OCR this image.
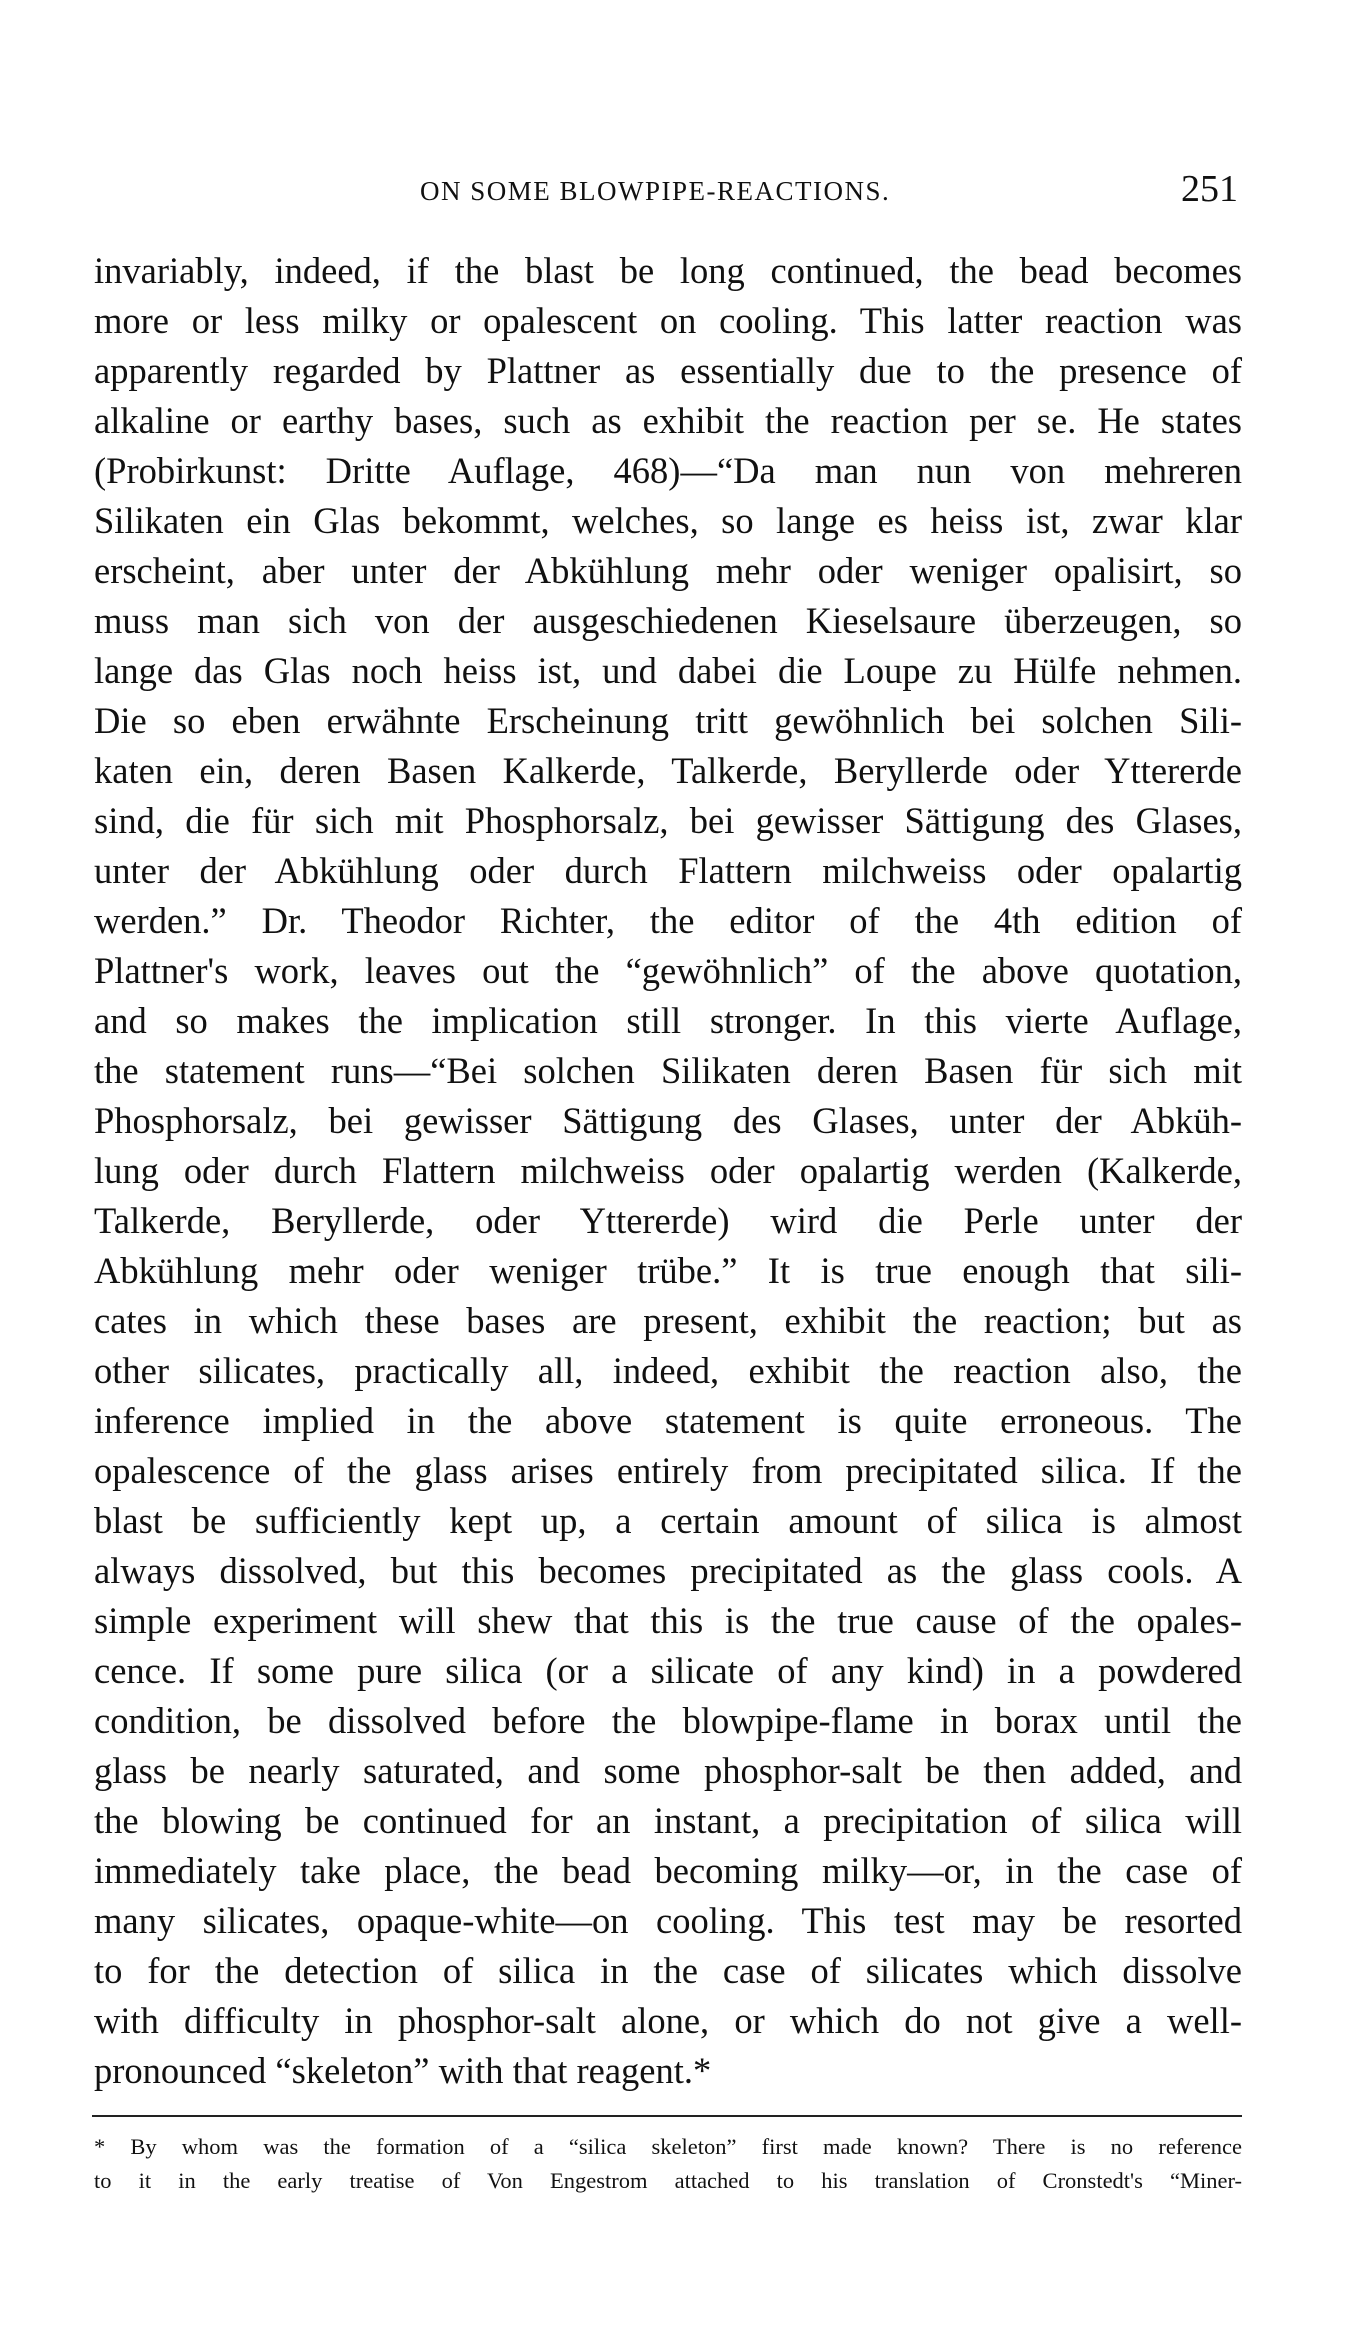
ON SOME BLOWPIPE-REACTIONS.	251
invariably, indeed, if the blast be long continued, the bead becomes
more or less milky or opalescent on cooling. This latter reaction was
apparently regarded by Plattner as essentially due to the presence of
alkaline or earthy bases, such as exhibit the reaction per se. He states
(Probirkunst: Dritte Auflage, 468)—“Da man nun von mehreren
Silikaten ein Glas bekommt, welches, so lange es heiss ist, zwar klar
erscheint, aber unter der Abkühlung mehr oder weniger opalisirt, so
muss man sich von der ausgeschiedenen Kieselsaure überzeugen, so
lange das Glas noch heiss ist, und dabei die Loupe zu Hülfe nehmen.
Die so eben erwähnte Erscheinung tritt gewöhnlich bei solchen Sili-
katen ein, deren Basen Kalkerde, Talkerde, Beryllerde oder Yttererde
sind, die für sich mit Phosphorsalz, bei gewisser Sättigung des Glases,
unter der Abkühlung oder durch Flattern milchweiss oder opalartig
werden.” Dr. Theodor Richter, the editor of the 4th edition of
Plattner's work, leaves out the “gewöhnlich” of the above quotation,
and so makes the implication still stronger. In this vierte Auflage,
the statement runs—“Bei solchen Silikaten deren Basen für sich mit
Phosphorsalz, bei gewisser Sättigung des Glases, unter der Abküh-
lung oder durch Flattern milchweiss oder opalartig werden (Kalkerde,
Talkerde, Beryllerde, oder Yttererde) wird die Perle unter der
Abkühlung mehr oder weniger trübe.” It is true enough that sili-
cates in which these bases are present, exhibit the reaction; but as
other silicates, practically all, indeed, exhibit the reaction also, the
inference implied in the above statement is quite erroneous. The
opalescence of the glass arises entirely from precipitated silica. If the
blast be sufficiently kept up, a certain amount of silica is almost
always dissolved, but this becomes precipitated as the glass cools. A
simple experiment will shew that this is the true cause of the opales-
cence. If some pure silica (or a silicate of any kind) in a powdered
condition, be dissolved before the blowpipe-flame in borax until the
glass be nearly saturated, and some phosphor-salt be then added, and
the blowing be continued for an instant, a precipitation of silica will
immediately take place, the bead becoming milky—or, in the case of
many silicates, opaque-white—on cooling. This test may be resorted
to for the detection of silica in the case of silicates which dissolve
with difficulty in phosphor-salt alone, or which do not give a well-
pronounced “skeleton” with that reagent.*
* By whom was the formation of a “silica skeleton” first made known? There is no reference
to it in the early treatise of Von Engestrom attached to his translation of Cronstedt's “Miner-
